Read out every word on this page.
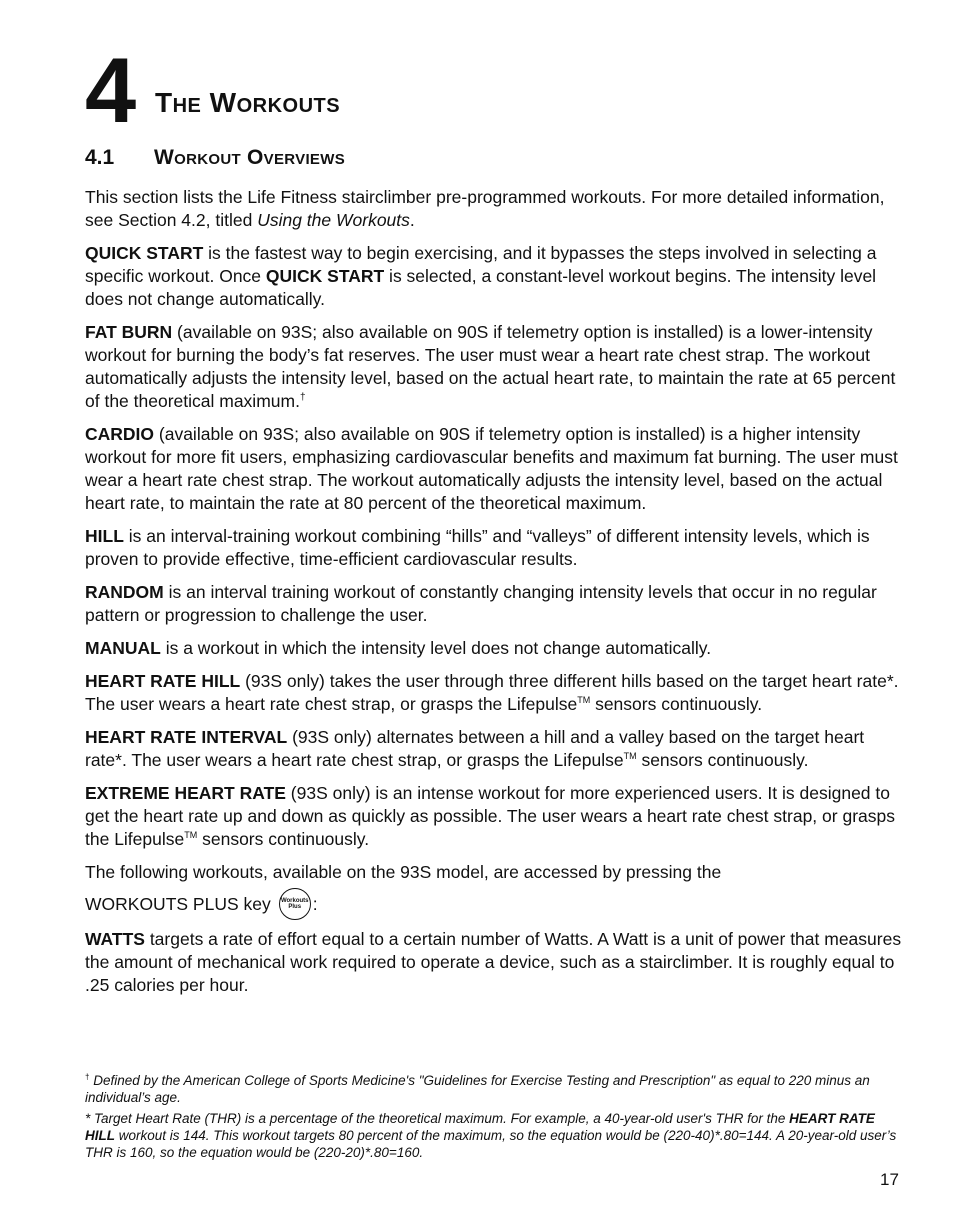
4 The Workouts
4.1 Workout Overviews

This section lists the Life Fitness stairclimber pre-programmed workouts. For more detailed information, see Section 4.2, titled Using the Workouts.

QUICK START is the fastest way to begin exercising, and it bypasses the steps involved in selecting a specific workout. Once QUICK START is selected, a constant-level workout begins. The intensity level does not change automatically.

FAT BURN (available on 93S; also available on 90S if telemetry option is installed) is a lower-intensity workout for burning the body’s fat reserves. The user must wear a heart rate chest strap. The workout automatically adjusts the intensity level, based on the actual heart rate, to maintain the rate at 65 percent of the theoretical maximum.†

CARDIO (available on 93S; also available on 90S if telemetry option is installed) is a higher intensity workout for more fit users, emphasizing cardiovascular benefits and maximum fat burning. The user must wear a heart rate chest strap. The workout automatically adjusts the intensity level, based on the actual heart rate, to maintain the rate at 80 percent of the theoretical maximum.

HILL is an interval-training workout combining “hills” and “valleys” of different intensity levels, which is proven to provide effective, time-efficient cardiovascular results.

RANDOM is an interval training workout of constantly changing intensity levels that occur in no regular pattern or progression to challenge the user.

MANUAL is a workout in which the intensity level does not change automatically.

HEART RATE HILL (93S only) takes the user through three different hills based on the target heart rate*. The user wears a heart rate chest strap, or grasps the Lifepulse™ sensors continuously.

HEART RATE INTERVAL (93S only) alternates between a hill and a valley based on the target heart rate*. The user wears a heart rate chest strap, or grasps the Lifepulse™ sensors continuously.

EXTREME HEART RATE (93S only) is an intense workout for more experienced users. It is designed to get the heart rate up and down as quickly as possible. The user wears a heart rate chest strap, or grasps the Lifepulse™ sensors continuously.

The following workouts, available on the 93S model, are accessed by pressing the

WORKOUTS PLUS key Workouts
Plus :

WATTS targets a rate of effort equal to a certain number of Watts. A Watt is a unit of power that measures the amount of mechanical work required to operate a device, such as a stairclimber. It is roughly equal to .25 calories per hour.

† Defined by the American College of Sports Medicine's "Guidelines for Exercise Testing and Prescription" as equal to 220 minus an individual’s age.

* Target Heart Rate (THR) is a percentage of the theoretical maximum. For example, a 40-year-old user's THR for the HEART RATE HILL workout is 144. This workout targets 80 percent of the maximum, so the equation would be (220-40)*.80=144. A 20-year-old user’s THR is 160, so the equation would be (220-20)*.80=160.

17
